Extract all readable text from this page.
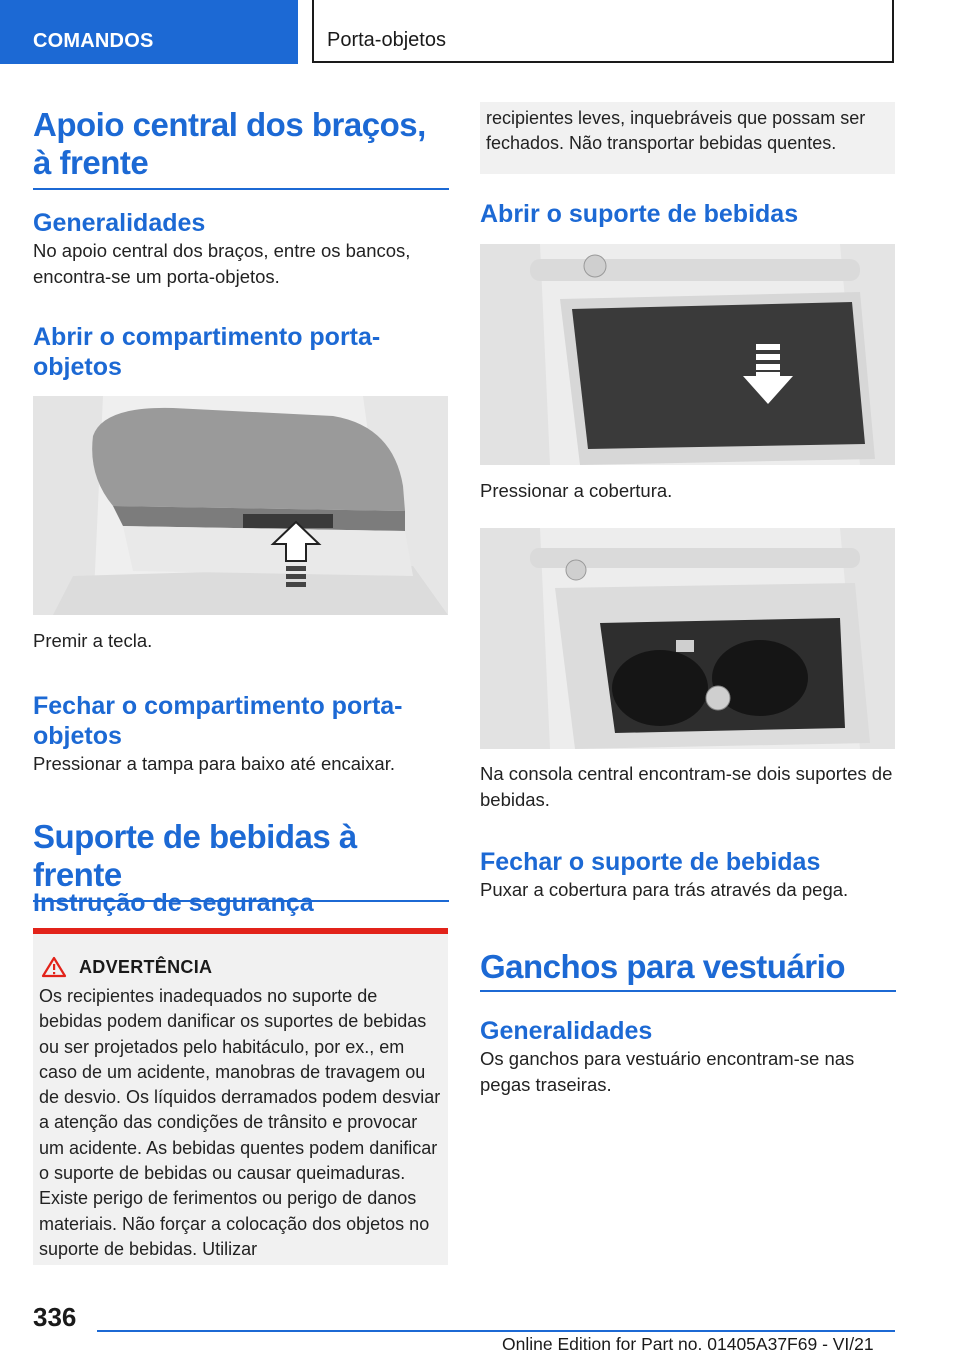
COMANDOS	Porta-objetos
Apoio central dos braços, à frente
Generalidades

No apoio central dos braços, entre os bancos, encontra-se um porta-objetos.

Abrir o compartimento porta-objetos

Premir a tecla.

Fechar o compartimento porta-objetos

Pressionar a tampa para baixo até encaixar.

Suporte de bebidas à frente
Instrução de segurança
ADVERTÊNCIA

Os recipientes inadequados no suporte de bebidas podem danificar os suportes de bebidas ou ser projetados pelo habitáculo, por ex., em caso de um acidente, manobras de travagem ou de desvio. Os líquidos derramados podem desviar a atenção das condições de trânsito e provocar um acidente. As bebidas quentes podem danificar o suporte de bebidas ou causar queimaduras. Existe perigo de ferimentos ou perigo de danos materiais. Não forçar a colocação dos objetos no suporte de bebidas. Utilizar

recipientes leves, inquebráveis que possam ser fechados. Não transportar bebidas quentes.

Abrir o suporte de bebidas

Pressionar a cobertura.

Na consola central encontram-se dois suportes de bebidas.

Fechar o suporte de bebidas

Puxar a cobertura para trás através da pega.

Ganchos para vestuário
Generalidades

Os ganchos para vestuário encontram-se nas pegas traseiras.

336
Online Edition for Part no. 01405A37F69 - VI/21
